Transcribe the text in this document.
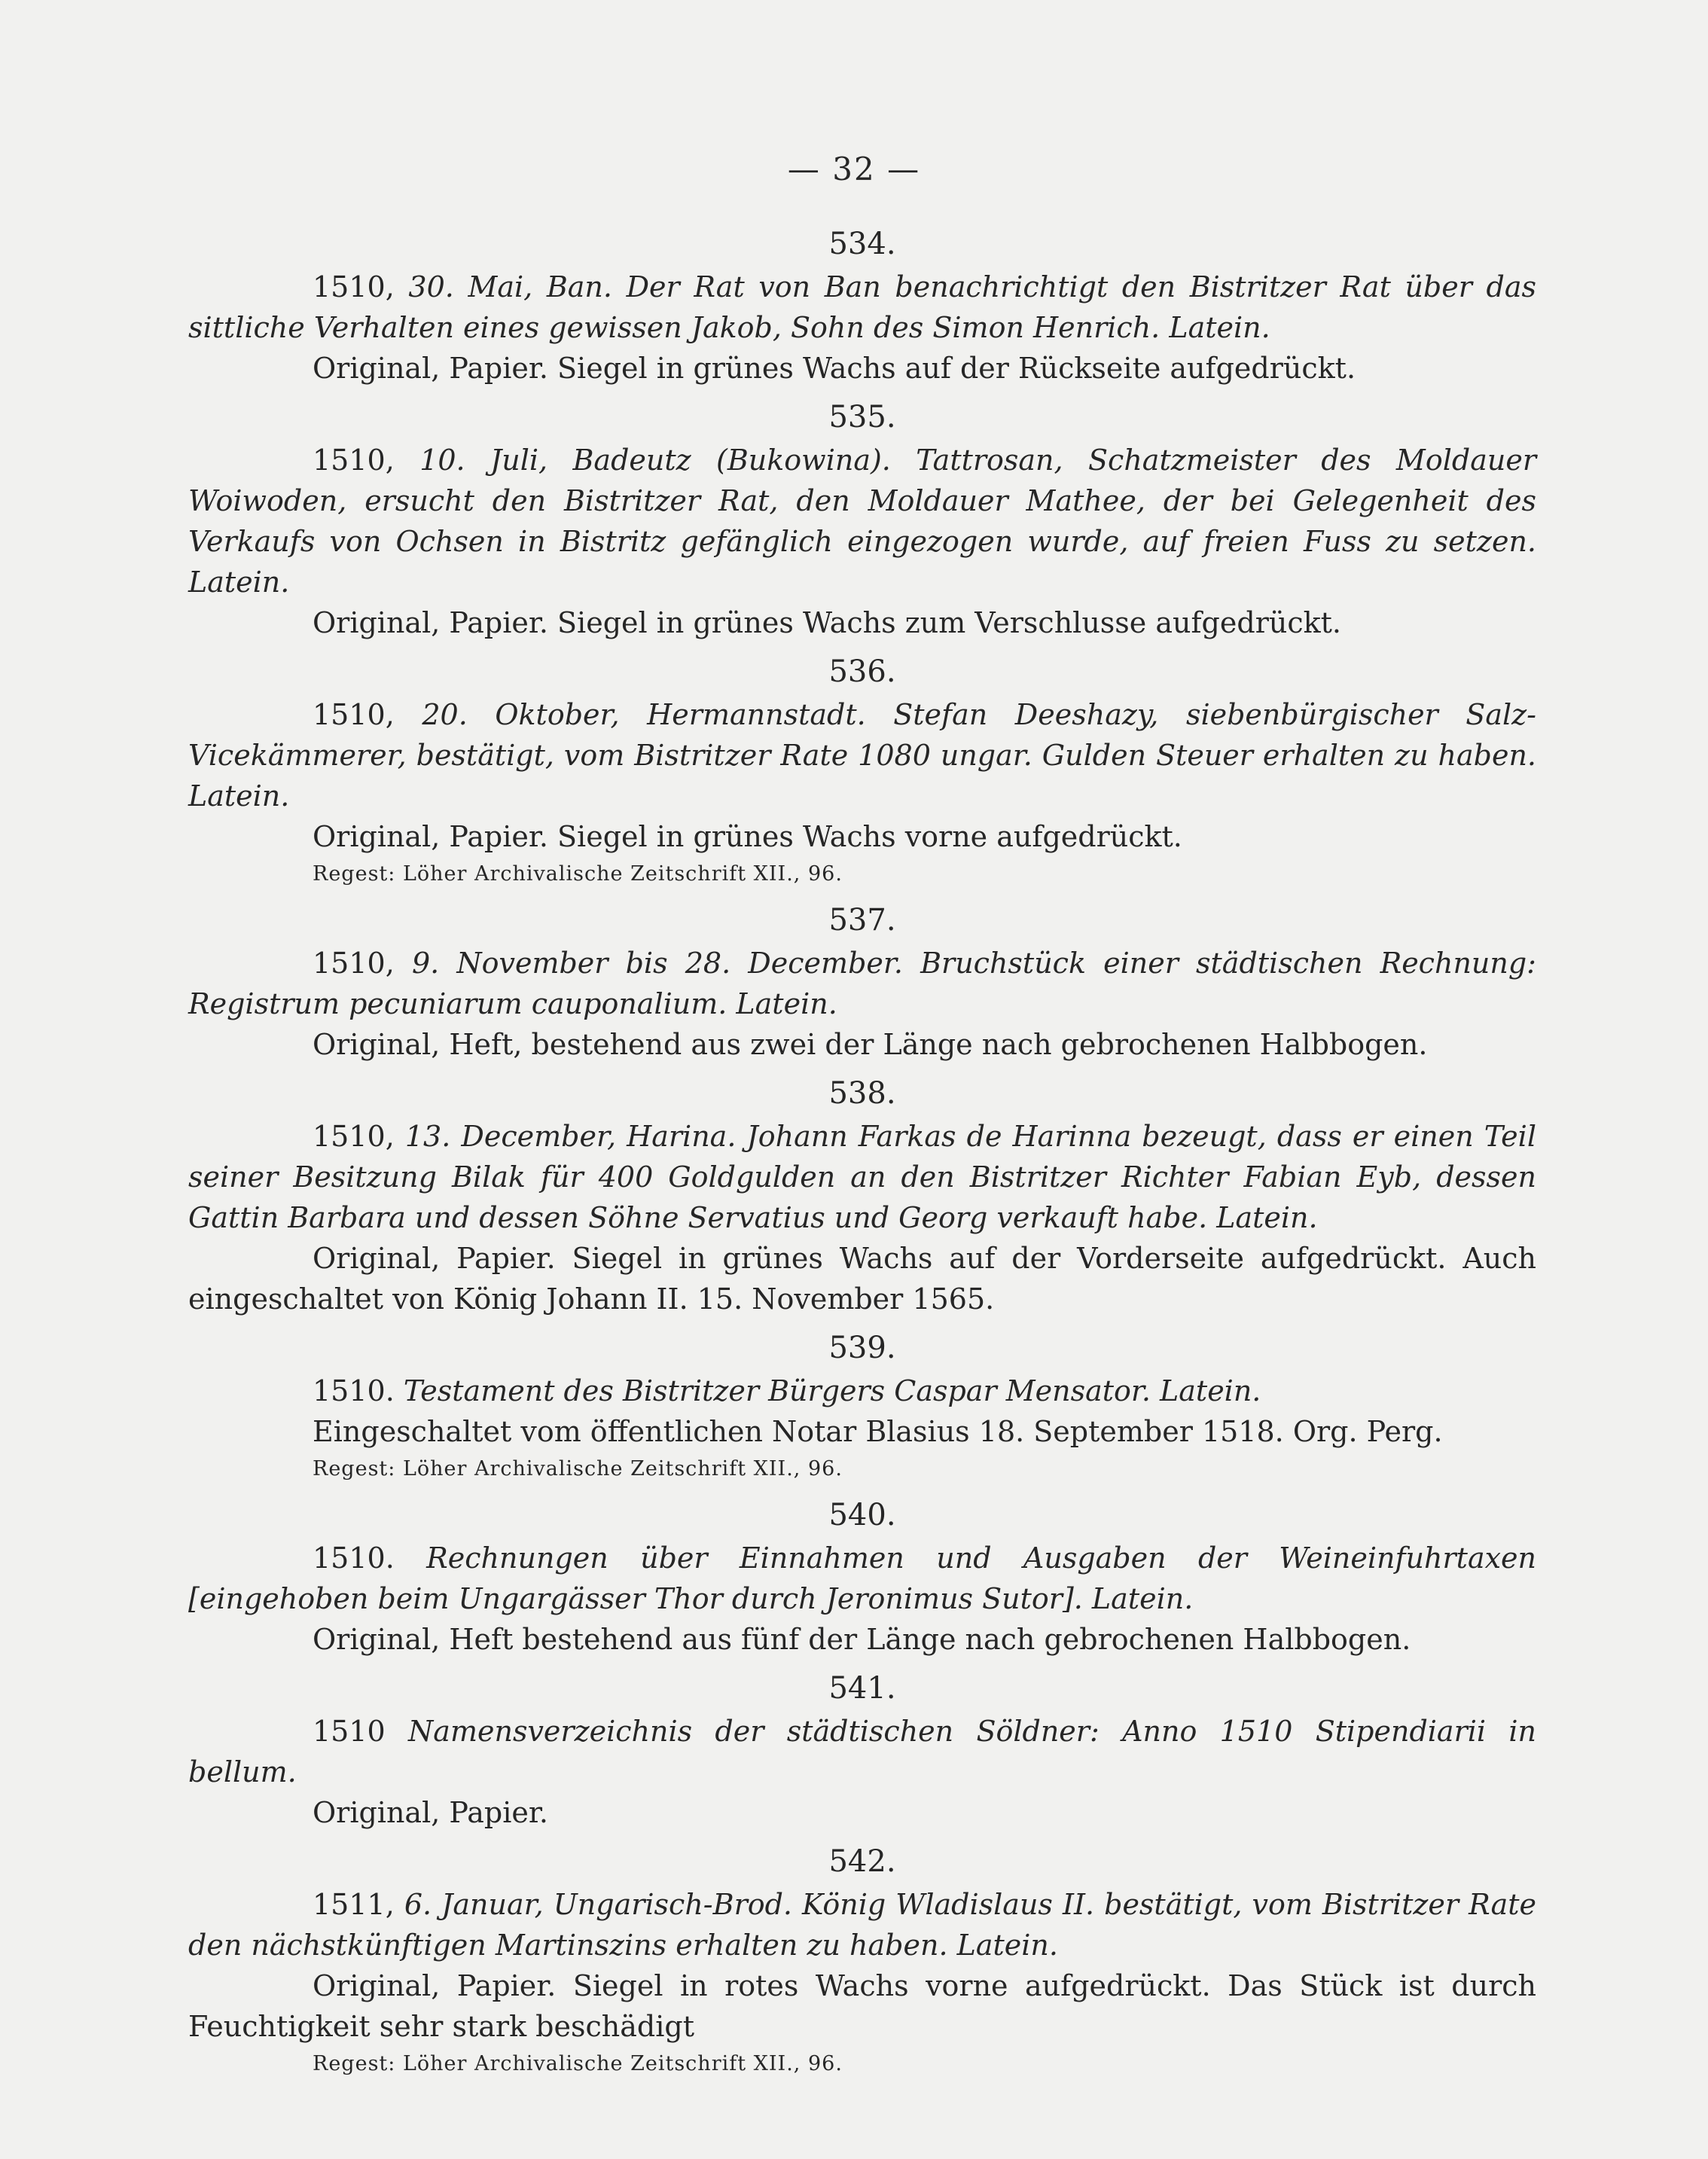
— 32 —
534.

1510, 30. Mai, Ban. Der Rat von Ban benachrichtigt den Bistritzer Rat über das sittliche Verhalten eines gewissen Jakob, Sohn des Simon Henrich. Latein.

Original, Papier. Siegel in grünes Wachs auf der Rückseite aufgedrückt.

535.

1510, 10. Juli, Badeutz (Bukowina). Tattrosan, Schatzmeister des Moldauer Woiwoden, ersucht den Bistritzer Rat, den Moldauer Mathee, der bei Gelegenheit des Verkaufs von Ochsen in Bistritz gefänglich eingezogen wurde, auf freien Fuss zu setzen. Latein.

Original, Papier. Siegel in grünes Wachs zum Verschlusse aufgedrückt.

536.

1510, 20. Oktober, Hermannstadt. Stefan Deeshazy, siebenbürgischer Salz-Vicekämmerer, bestätigt, vom Bistritzer Rate 1080 ungar. Gulden Steuer erhalten zu haben. Latein.

Original, Papier. Siegel in grünes Wachs vorne aufgedrückt.

Regest: Löher Archivalische Zeitschrift XII., 96.

537.

1510, 9. November bis 28. December. Bruchstück einer städtischen Rechnung: Registrum pecuniarum cauponalium. Latein.

Original, Heft, bestehend aus zwei der Länge nach gebrochenen Halbbogen.

538.

1510, 13. December, Harina. Johann Farkas de Harinna bezeugt, dass er einen Teil seiner Besitzung Bilak für 400 Goldgulden an den Bistritzer Richter Fabian Eyb, dessen Gattin Barbara und dessen Söhne Servatius und Georg verkauft habe. Latein.

Original, Papier. Siegel in grünes Wachs auf der Vorderseite aufgedrückt. Auch eingeschaltet von König Johann II. 15. November 1565.

539.

1510. Testament des Bistritzer Bürgers Caspar Mensator. Latein.

Eingeschaltet vom öffentlichen Notar Blasius 18. September 1518. Org. Perg.

Regest: Löher Archivalische Zeitschrift XII., 96.

540.

1510. Rechnungen über Einnahmen und Ausgaben der Weineinfuhrtaxen [eingehoben beim Ungargässer Thor durch Jeronimus Sutor]. Latein.

Original, Heft bestehend aus fünf der Länge nach gebrochenen Halbbogen.

541.

1510 Namensverzeichnis der städtischen Söldner: Anno 1510 Stipendiarii in bellum.

Original, Papier.

542.

1511, 6. Januar, Ungarisch-Brod. König Wladislaus II. bestätigt, vom Bistritzer Rate den nächstkünftigen Martinszins erhalten zu haben. Latein.

Original, Papier. Siegel in rotes Wachs vorne aufgedrückt. Das Stück ist durch Feuchtigkeit sehr stark beschädigt

Regest: Löher Archivalische Zeitschrift XII., 96.
